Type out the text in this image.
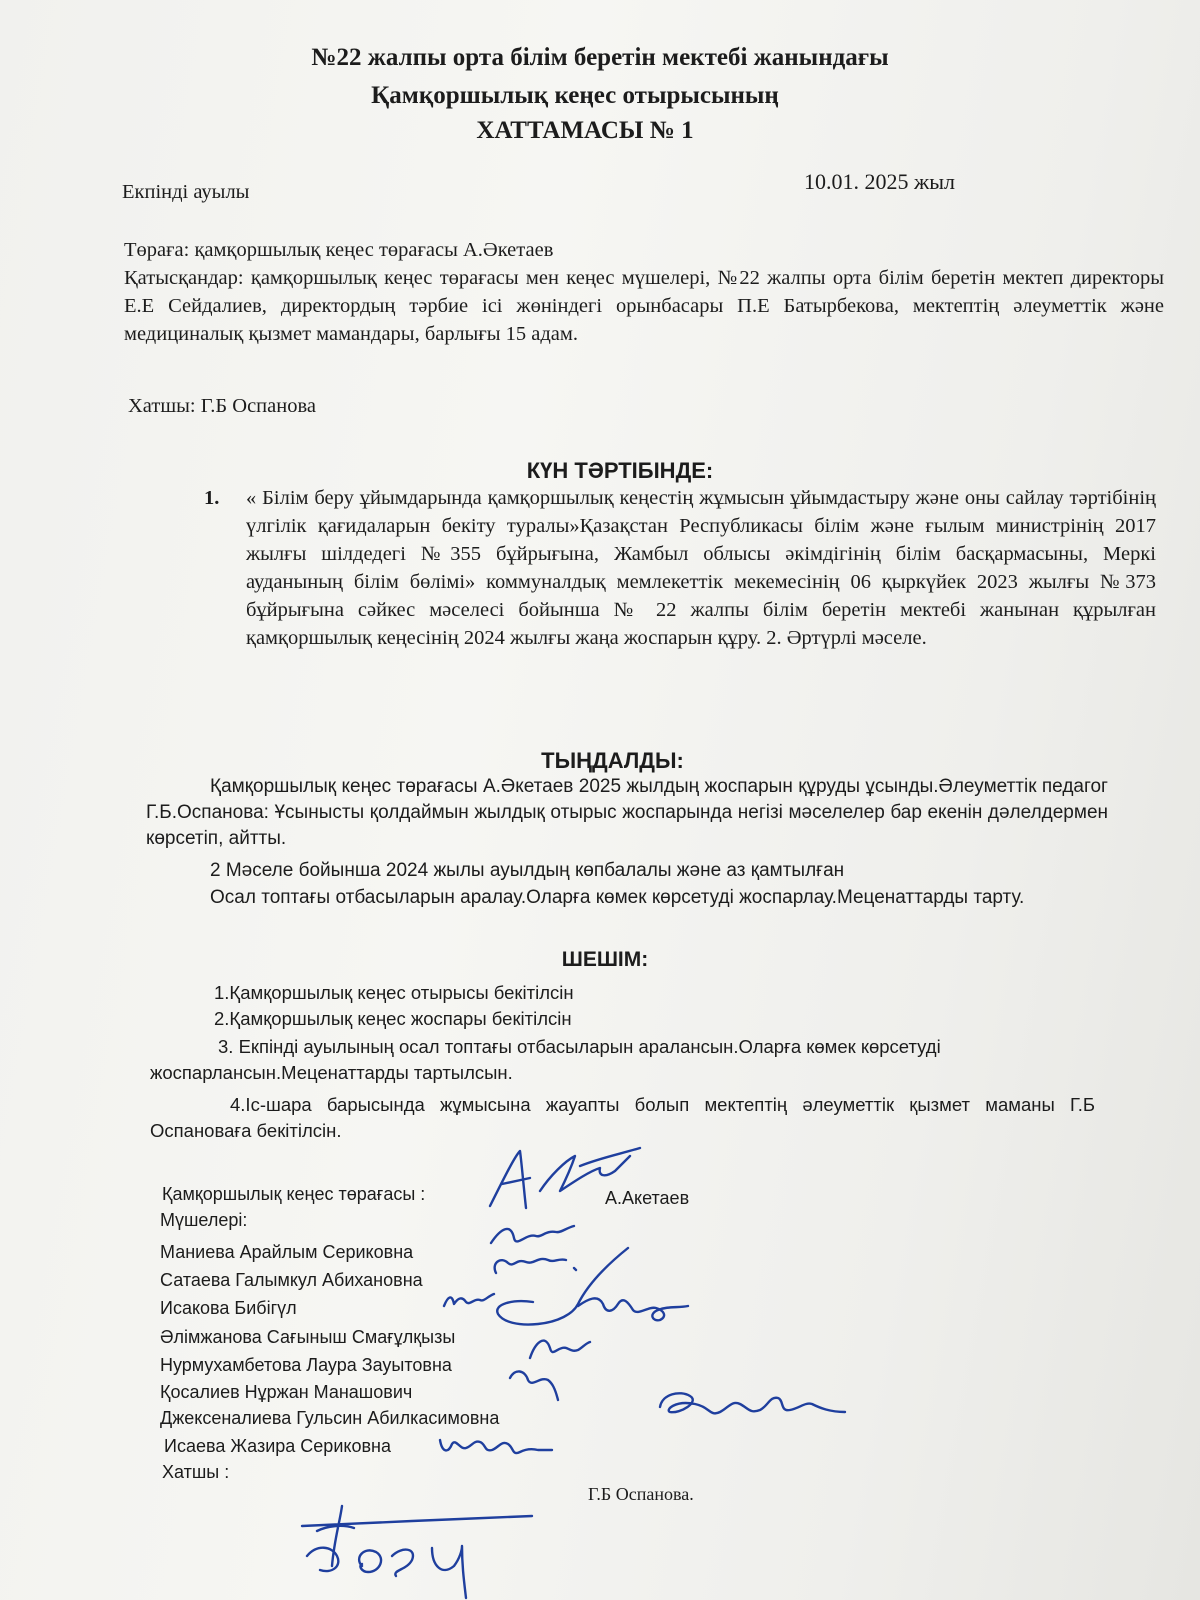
№22 жалпы орта білім беретін мектебі жанындағы
Қамқоршылық кеңес отырысының
ХАТТАМАСЫ № 1
Екпінді ауылы	10.01. 2025 жыл
Төраға: қамқоршылық кеңес төрағасы А.Әкетаев
Қатысқандар: қамқоршылық кеңес төрағасы мен кеңес мүшелері, №22 жалпы орта білім беретін мектеп директоры Е.Е Сейдалиев, директордың тәрбие ісі жөніндегі орынбасары П.Е Батырбекова, мектептің әлеуметтік және медициналық қызмет мамандары, барлығы 15 адам.
Хатшы: Г.Б Оспанова
КҮН ТӘРТІБІНДЕ:
1. « Білім беру ұйымдарында қамқоршылық кеңестің жұмысын ұйымдастыру және оны сайлау тәртібінің үлгілік қағидаларын бекіту туралы»Қазақстан Республикасы білім және ғылым министрінің 2017 жылғы шілдедегі №355 бұйрығына, Жамбыл облысы әкімдігінің білім басқармасыны, Меркі ауданының білім бөлімі» коммуналдық мемлекеттік мекемесінің 06 қыркүйек 2023 жылғы №373 бұйрығына сәйкес мәселесі бойынша № 22 жалпы білім беретін мектебі жанынан құрылған қамқоршылық кеңесінің 2024 жылғы жаңа жоспарын құру. 2. Әртүрлі мәселе.
ТЫҢДАЛДЫ:
Қамқоршылық кеңес төрағасы А.Әкетаев 2025 жылдың жоспарын құруды ұсынды.Әлеуметтік педагог Г.Б.Оспанова: Ұсынысты қолдаймын жылдық отырыс жоспарында негізі мәселелер бар екенін дәлелдермен көрсетіп, айтты.
2 Мәселе бойынша 2024 жылы ауылдың көпбалалы және аз қамтылған
Осал топтағы отбасыларын аралау.Оларға көмек көрсетуді жоспарлау.Меценаттарды тарту.
ШЕШІМ:
1.Қамқоршылық кеңес отырысы бекітілсін
2.Қамқоршылық кеңес жоспары бекітілсін
3. Екпінді ауылының осал топтағы отбасыларын аралансын.Оларға көмек көрсетуді жоспарлансын.Меценаттарды тартылсын.
4.Іс-шара барысында жұмысына жауапты болып мектептің әлеуметтік қызмет маманы Г.Б Оспановаға бекітілсін.
Қамқоршылық кеңес төрағасы :	А.Акетаев
Мүшелері:
Маниева Арайлым Сериковна
Сатаева Галымкул Абихановна
Исакова Бибігүл
Әлімжанова Сағыныш Смағұлқызы
Нурмухамбетова Лаура Зауытовна
Қосалиев Нұржан Манашович
Джексеналиева Гульсин Абилкасимовна
Исаева Жазира Сериковна
Хатшы :
Г.Б Оспанова.
